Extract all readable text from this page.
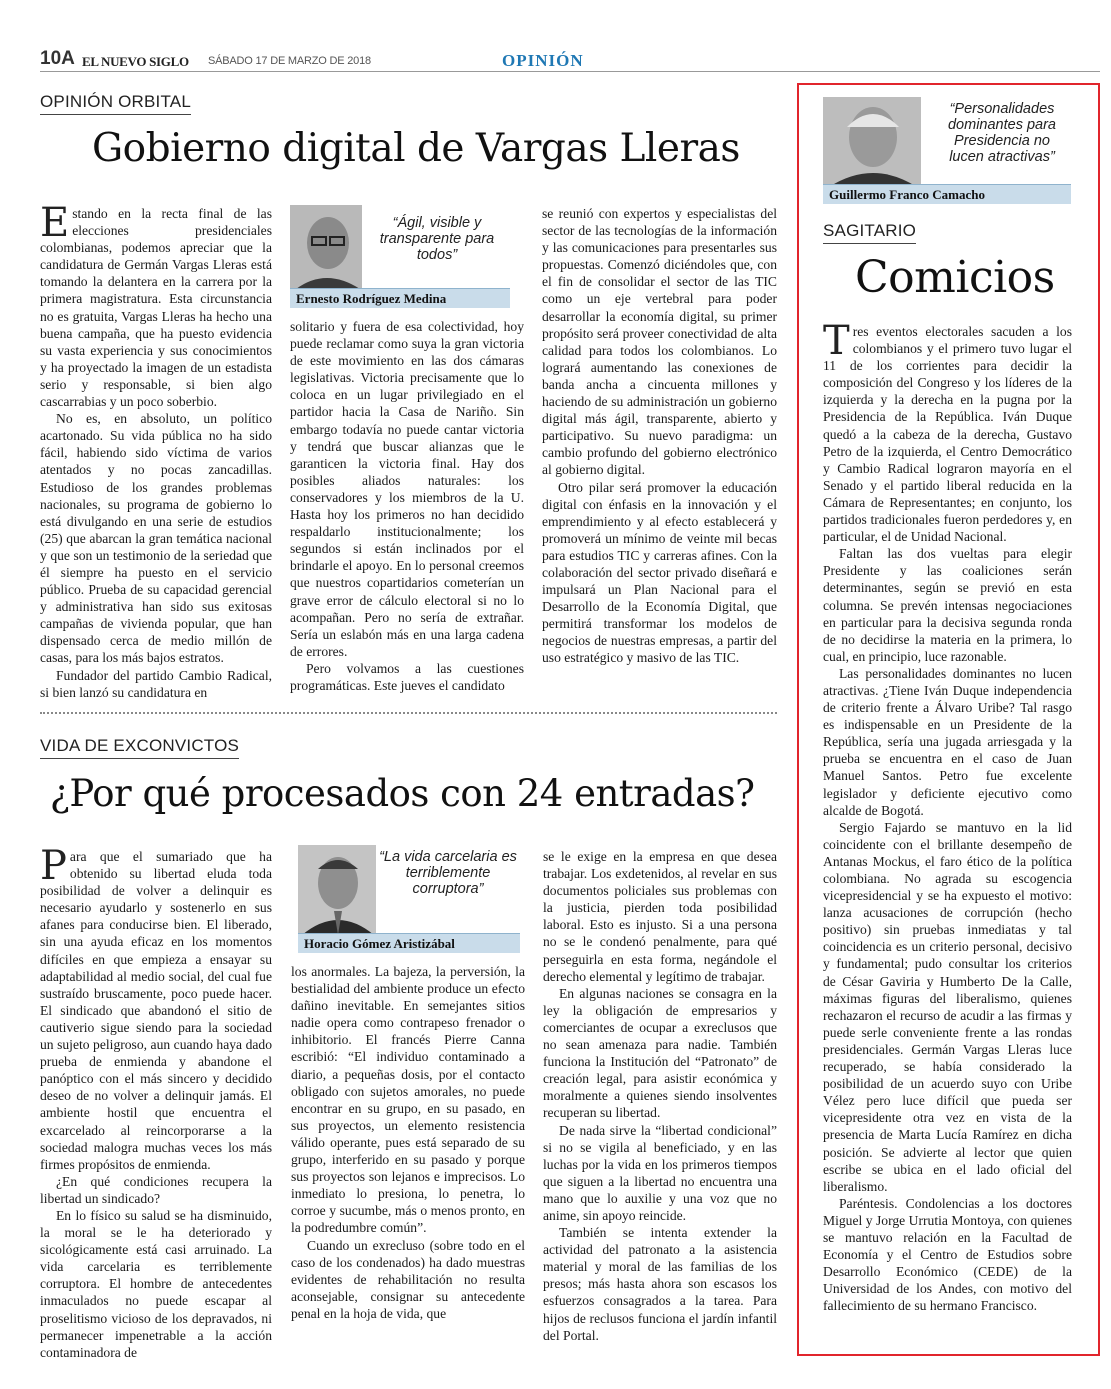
10A EL NUEVO SIGLO SÁBADO 17 DE MARZO DE 2018	OPINIÓN
OPINIÓN ORBITAL
Gobierno digital de Vargas Lleras

Estando en la recta final de las elecciones presidenciales colombianas, podemos apreciar que la candidatura de Germán Vargas Lleras está tomando la delantera en la carrera por la primera magistratura. Esta circunstancia no es gratuita, Vargas Lleras ha hecho una buena campaña, que ha puesto evidencia su vasta experiencia y sus conocimientos y ha proyectado la imagen de un estadista serio y responsable, si bien algo cascarrabias y un poco soberbio.

No es, en absoluto, un político acartonado. Su vida pública no ha sido fácil, habiendo sido víctima de varios atentados y no pocas zancadillas. Estudioso de los grandes problemas nacionales, su programa de gobierno lo está divulgando en una serie de estudios (25) que abarcan la gran temática nacional y que son un testimonio de la seriedad que él siempre ha puesto en el servicio público. Prueba de su capacidad gerencial y administrativa han sido sus exitosas campañas de vivienda popular, que han dispensado cerca de medio millón de casas, para los más bajos estratos.

Fundador del partido Cambio Radical, si bien lanzó su candidatura en

“Ágil, visible y transparente para todos”
Ernesto Rodríguez Medina

solitario y fuera de esa colectividad, hoy puede reclamar como suya la gran victoria de este movimiento en las dos cámaras legislativas. Victoria precisamente que lo coloca en un lugar privilegiado en el partidor hacia la Casa de Nariño. Sin embargo todavía no puede cantar victoria y tendrá que buscar alianzas que le garanticen la victoria final. Hay dos posibles aliados naturales: los conservadores y los miembros de la U. Hasta hoy los primeros no han decidido respaldarlo institucionalmente; los segundos si están inclinados por el brindarle el apoyo. En lo personal creemos que nuestros copartidarios cometerían un grave error de cálculo electoral si no lo acompañan. Pero no sería de extrañar. Sería un eslabón más en una larga cadena de errores.

Pero volvamos a las cuestiones programáticas. Este jueves el candidato

se reunió con expertos y especialistas del sector de las tecnologías de la información y las comunicaciones para presentarles sus propuestas. Comenzó diciéndoles que, con el fin de consolidar el sector de las TIC como un eje vertebral para poder desarrollar la economía digital, su primer propósito será proveer conectividad de alta calidad para todos los colombianos. Lo logrará aumentando las conexiones de banda ancha a cincuenta millones y haciendo de su administración un gobierno digital más ágil, transparente, abierto y participativo. Su nuevo paradigma: un cambio profundo del gobierno electrónico al gobierno digital.

Otro pilar será promover la educación digital con énfasis en la innovación y el emprendimiento y al efecto establecerá y promoverá un mínimo de veinte mil becas para estudios TIC y carreras afines. Con la colaboración del sector privado diseñará e impulsará un Plan Nacional para el Desarrollo de la Economía Digital, que permitirá transformar los modelos de negocios de nuestras empresas, a partir del uso estratégico y masivo de las TIC.

VIDA DE EXCONVICTOS
¿Por qué procesados con 24 entradas?

Para que el sumariado que ha obtenido su libertad eluda toda posibilidad de volver a delinquir es necesario ayudarlo y sostenerlo en sus afanes para conducirse bien. El liberado, sin una ayuda eficaz en los momentos difíciles en que empieza a ensayar su adaptabilidad al medio social, del cual fue sustraído bruscamente, poco puede hacer. El sindicado que abandonó el sitio de cautiverio sigue siendo para la sociedad un sujeto peligroso, aun cuando haya dado prueba de enmienda y abandone el panóptico con el más sincero y decidido deseo de no volver a delinquir jamás. El ambiente hostil que encuentra el excarcelado al reincorporarse a la sociedad malogra muchas veces los más firmes propósitos de enmienda.

¿En qué condiciones recupera la libertad un sindicado?

En lo físico su salud se ha disminuido, la moral se le ha deteriorado y sicológicamente está casi arruinado. La vida carcelaria es terriblemente corruptora. El hombre de antecedentes inmaculados no puede escapar al proselitismo vicioso de los depravados, ni permanecer impenetrable a la acción contaminadora de

“La vida carcelaria es terriblemente corruptora”
Horacio Gómez Aristizábal

los anormales. La bajeza, la perversión, la bestialidad del ambiente produce un efecto dañino inevitable. En semejantes sitios nadie opera como contrapeso frenador o inhibitorio. El francés Pierre Canna escribió: “El individuo contaminado a diario, a pequeñas dosis, por el contacto obligado con sujetos amorales, no puede encontrar en su grupo, en su pasado, en sus proyectos, un elemento resistencia válido operante, pues está separado de su grupo, interferido en su pasado y porque sus proyectos son lejanos e imprecisos. Lo inmediato lo presiona, lo penetra, lo corroe y sucumbe, más o menos pronto, en la podredumbre común”.

Cuando un exrecluso (sobre todo en el caso de los condenados) ha dado muestras evidentes de rehabilitación no resulta aconsejable, consignar su antecedente penal en la hoja de vida, que

se le exige en la empresa en que desea trabajar. Los exdetenidos, al revelar en sus documentos policiales sus problemas con la justicia, pierden toda posibilidad laboral. Esto es injusto. Si a una persona no se le condenó penalmente, para qué perseguirla en esta forma, negándole el derecho elemental y legítimo de trabajar.

En algunas naciones se consagra en la ley la obligación de empresarios y comerciantes de ocupar a exreclusos que no sean amenaza para nadie. También funciona la Institución del “Patronato” de creación legal, para asistir económica y moralmente a quienes siendo insolventes recuperan su libertad.

De nada sirve la “libertad condicional” si no se vigila al beneficiado, y en las luchas por la vida en los primeros tiempos que siguen a la libertad no encuentra una mano que lo auxilie y una voz que no anime, sin apoyo reincide.

También se intenta extender la actividad del patronato a la asistencia material y moral de las familias de los presos; más hasta ahora son escasos los esfuerzos consagrados a la tarea. Para hijos de reclusos funciona el jardín infantil del Portal.

“Personalidades dominantes para Presidencia no lucen atractivas”
Guillermo Franco Camacho
SAGITARIO
Comicios

Tres eventos electorales sacuden a los colombianos y el primero tuvo lugar el 11 de los corrientes para decidir la composición del Congreso y los líderes de la izquierda y la derecha en la pugna por la Presidencia de la República. Iván Duque quedó a la cabeza de la derecha, Gustavo Petro de la izquierda, el Centro Democrático y Cambio Radical lograron mayoría en el Senado y el partido liberal reducida en la Cámara de Representantes; en conjunto, los partidos tradicionales fueron perdedores y, en particular, el de Unidad Nacional.

Faltan las dos vueltas para elegir Presidente y las coaliciones serán determinantes, según se previó en esta columna. Se prevén intensas negociaciones en particular para la decisiva segunda ronda de no decidirse la materia en la primera, lo cual, en principio, luce razonable.

Las personalidades dominantes no lucen atractivas. ¿Tiene Iván Duque independencia de criterio frente a Álvaro Uribe? Tal rasgo es indispensable en un Presidente de la República, sería una jugada arriesgada y la prueba se encuentra en el caso de Juan Manuel Santos. Petro fue excelente legislador y deficiente ejecutivo como alcalde de Bogotá.

Sergio Fajardo se mantuvo en la lid coincidente con el brillante desempeño de Antanas Mockus, el faro ético de la política colombiana. No agrada su escogencia vicepresidencial y se ha expuesto el motivo: lanza acusaciones de corrupción (hecho positivo) sin pruebas inmediatas y tal coincidencia es un criterio personal, decisivo y fundamental; pudo consultar los criterios de César Gaviria y Humberto De la Calle, máximas figuras del liberalismo, quienes rechazaron el recurso de acudir a las firmas y puede serle conveniente frente a las rondas presidenciales. Germán Vargas Lleras luce recuperado, se había considerado la posibilidad de un acuerdo suyo con Uribe Vélez pero luce difícil que pueda ser vicepresidente otra vez en vista de la presencia de Marta Lucía Ramírez en dicha posición. Se advierte al lector que quien escribe se ubica en el lado oficial del liberalismo.

Paréntesis. Condolencias a los doctores Miguel y Jorge Urrutia Montoya, con quienes se mantuvo relación en la Facultad de Economía y el Centro de Estudios sobre Desarrollo Económico (CEDE) de la Universidad de los Andes, con motivo del fallecimiento de su hermano Francisco.
